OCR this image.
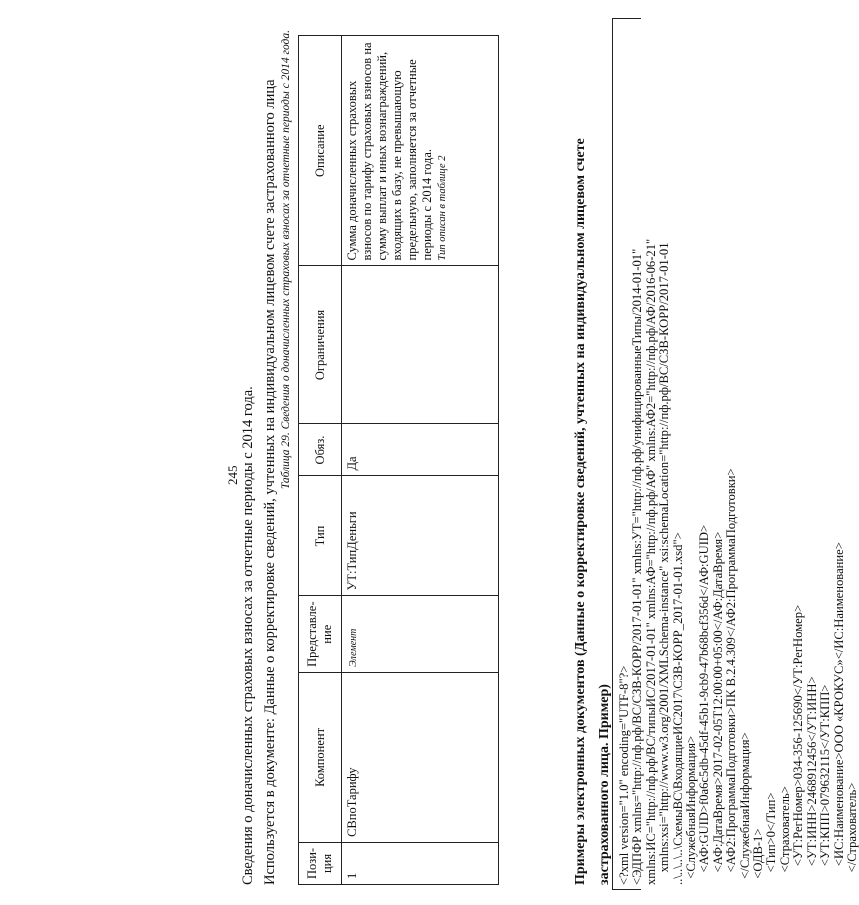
245 Сведения о доначисленных страховых взносах за отчетные периоды с 2014 года. Используется в документе: Данные о корректировке сведений, учтенных на индивидуальном лицевом счете застрахованного лица Таблица 29. Сведения о доначисленных страховых взносах за отчетные периоды с 2014 года.
Пози-ция	Компонент	Представле-ние	Тип	Обяз.	Ограничения	Описание
1	СВпоТарифу	Элемент	УТ:ТипДеньги	Да		Сумма доначисленных страховых взносов по тарифу страховых взносов на сумму выплат и иных вознаграждений, входящих в базу, не превышающую предельную, заполняется за отчетные периоды с 2014 года. Тип описан в таблице 2	Примеры электронных документов (Данные о корректировке сведений, учтенных на индивидуальном лицевом счете застрахованного лица. Пример) <?xml version="1.0" encoding="UTF-8"?> <ЭДПФР xmlns="http://пф.рф/ВС/СЗВ-КОРР/2017-01-01" xmlns:УТ="http://пф.рф/унифицированныеТипы/2014-01-01" xmlns:ИС="http://пф.рф/ВС/типыИС/2017-01-01" xmlns:АФ="http://пф.рф/АФ" xmlns:АФ2="http://пф.рф/АФ/2016-06-21" xmlns:xsi="http://www.w3.org/2001/XMLSchema-instance" xsi:schemaLocation="http://пф.рф/ВС/СЗВ-КОРР/2017-01-01 ..\..\..\..\СхемыВС\ВходящиеИС2017\СЗВ-КОРР_2017-01-01.xsd"> <СлужебнаяИнформация> <АФ:GUID>f0a6c5db-45df-45b1-9cb9-47b68bcf356d</АФ:GUID> <АФ:ДатаВремя>2017-02-05T12:00:00+05:00</АФ:ДатаВремя> <АФ2:ПрограммаПодготовки>ПК В.2.4.309</АФ2:ПрограммаПодготовки> </СлужебнаяИнформация> <ОДВ-1> <Тип>0</Тип> <Страхователь> <УТ:РегНомер>034-356-125690</УТ:РегНомер> <УТ:ИНН>2468912456</УТ:ИНН> <УТ:КПП>079632115</УТ:КПП> <ИС:Наименование>ООО «КРОКУС»</ИС:Наименование> </Страхователь>
